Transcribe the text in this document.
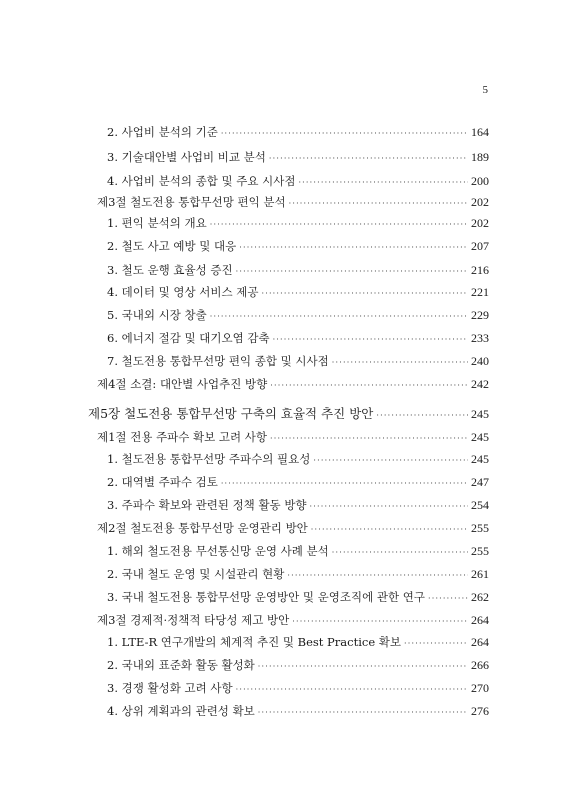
5
2. 사업비 분석의 기준 ·····	164
3. 기술대안별 사업비 비교 분석 ·····	189
4. 사업비 분석의 종합 및 주요 시사점 ·····	200
제3절 철도전용 통합무선망 편익 분석 ·····	202
1. 편익 분석의 개요 ·····	202
2. 철도 사고 예방 및 대응 ·····	207
3. 철도 운행 효율성 증진 ·····	216
4. 데이터 및 영상 서비스 제공 ·····	221
5. 국내외 시장 창출 ·····	229
6. 에너지 절감 및 대기오염 감축 ·····	233
7. 철도전용 통합무선망 편익 종합 및 시사점 ·····	240
제4절 소결: 대안별 사업추진 방향 ·····	242
제5장 철도전용 통합무선망 구축의 효율적 추진 방안 ·····	245
제1절 전용 주파수 확보 고려 사항 ·····	245
1. 철도전용 통합무선망 주파수의 필요성 ·····	245
2. 대역별 주파수 검토 ·····	247
3. 주파수 확보와 관련된 정책 활동 방향 ·····	254
제2절 철도전용 통합무선망 운영관리 방안 ·····	255
1. 해외 철도전용 무선통신망 운영 사례 분석 ·····	255
2. 국내 철도 운영 및 시설관리 현황 ·····	261
3. 국내 철도전용 통합무선망 운영방안 및 운영조직에 관한 연구 ·····	262
제3절 경제적·정책적 타당성 제고 방안 ·····	264
1. LTE-R 연구개발의 체계적 추진 및 Best Practice 확보 ·····	264
2. 국내외 표준화 활동 활성화 ·····	266
3. 경쟁 활성화 고려 사항 ·····	270
4. 상위 계획과의 관련성 확보 ·····	276
